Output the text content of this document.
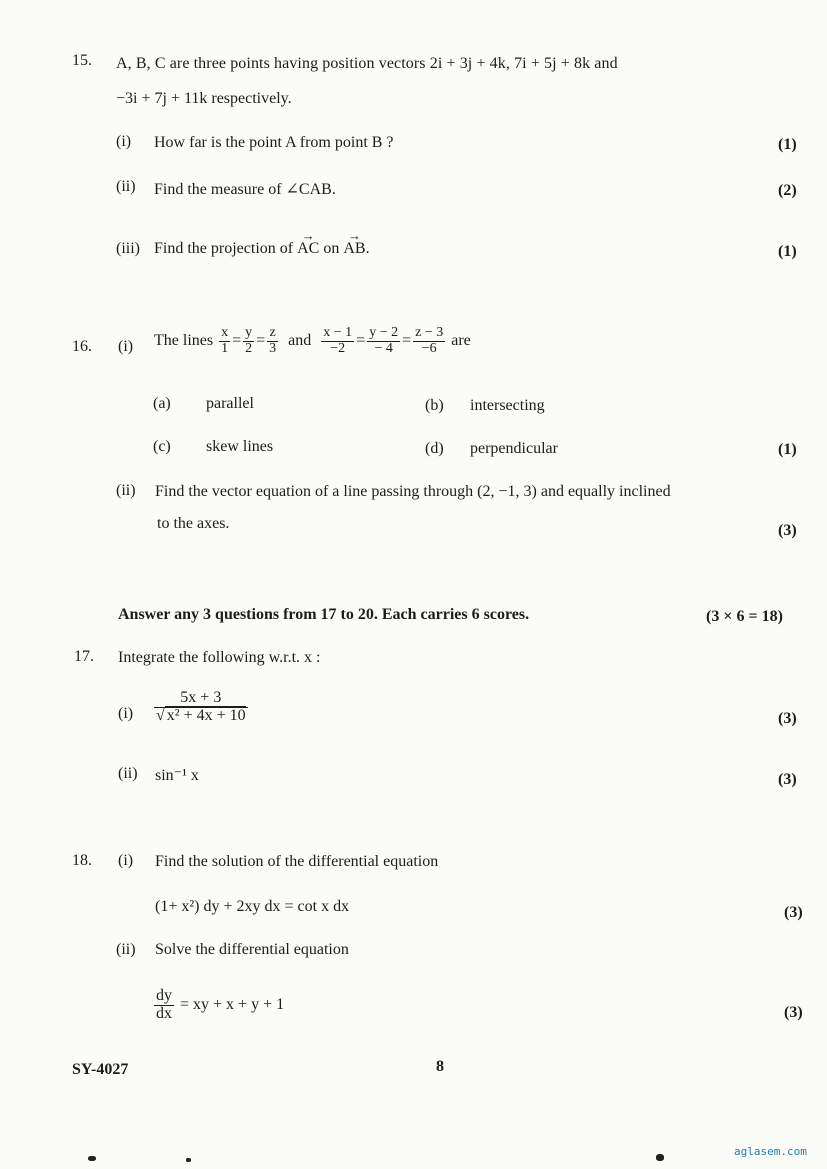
15. A, B, C are three points having position vectors 2i + 3j + 4k, 7i + 5j + 8k and
−3i + 7j + 11k respectively.
(i) How far is the point A from point B ?	(1)
(ii) Find the measure of ∠CAB.	(2)
(iii) Find the projection of → AC on → AB.	(1)
16. (i) The lines $\frac{x}{1} = \frac{y}{2} = \frac{z}{3}$ and $\frac{x - 1}{-2} = \frac{y - 2}{- 4} = \frac{z - 3}{-6}$ are
(a) parallel	(b) intersecting
(c) skew lines	(d) perpendicular	(1)
(ii) Find the vector equation of a line passing through (2, −1, 3) and equally inclined
to the axes.	(3)
Answer any 3 questions from 17 to 20. Each carries 6 scores.	(3 × 6 = 18)
17. Integrate the following w.r.t. x :
$(i) \frac{5x + 3}{\text{√ x² + 4x + 10}}$	(3)
(ii) sin⁻¹ x	(3)
18. (i) Find the solution of the differential equation
(1+ x²) dy + 2xy dx = cot x dx	(3)
(ii) Solve the differential equation
$\frac{dy}{dx}$ = xy + x + y + 1	(3)
SY-4027	8
aglasem.com
